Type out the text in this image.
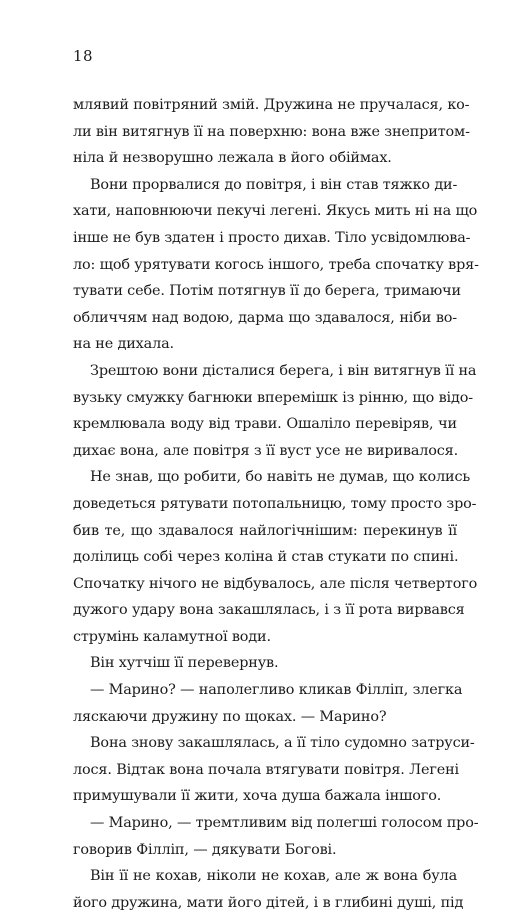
18
млявий повітряний змій. Дружина не пручалася, ко-
ли він витягнув її на поверхню: вона вже знепритом-
ніла й незворушно лежала в його обіймах.
Вони прорвалися до повітря, і він став тяжко ди-
хати, наповнюючи пекучі легені. Якусь мить ні на що
інше не був здатен і просто дихав. Тіло усвідомлюва-
ло: щоб урятувати когось іншого, треба спочатку вря-
тувати себе. Потім потягнув її до берега, тримаючи
обличчям над водою, дарма що здавалося, ніби во-
на не дихала.
Зрештою вони дісталися берега, і він витягнув її на
вузьку смужку багнюки вперемішк із рінню, що відо-
кремлювала воду від трави. Ошаліло перевіряв, чи
дихає вона, але повітря з її вуст усе не виривалося.
Не знав, що робити, бо навіть не думав, що колись
доведеться рятувати потопальницю, тому просто зро-
бив те, що здавалося найлогічнішим: перекинув її
долілиць собі через коліна й став стукати по спині.
Спочатку нічого не відбувалось, але після четвертого
дужого удару вона закашлялась, і з її рота вирвався
струмінь каламутної води.
Він хутчіш її перевернув.
— Марино? — наполегливо кликав Філліп, злегка
ляскаючи дружину по щоках. — Марино?
Вона знову закашлялась, а її тіло судомно затруси-
лося. Відтак вона почала втягувати повітря. Легені
примушували її жити, хоча душа бажала іншого.
— Марино, — тремтливим від полегші голосом про-
говорив Філліп, — дякувати Богові.
Він її не кохав, ніколи не кохав, але ж вона була
його дружина, мати його дітей, і в глибині душі, під
